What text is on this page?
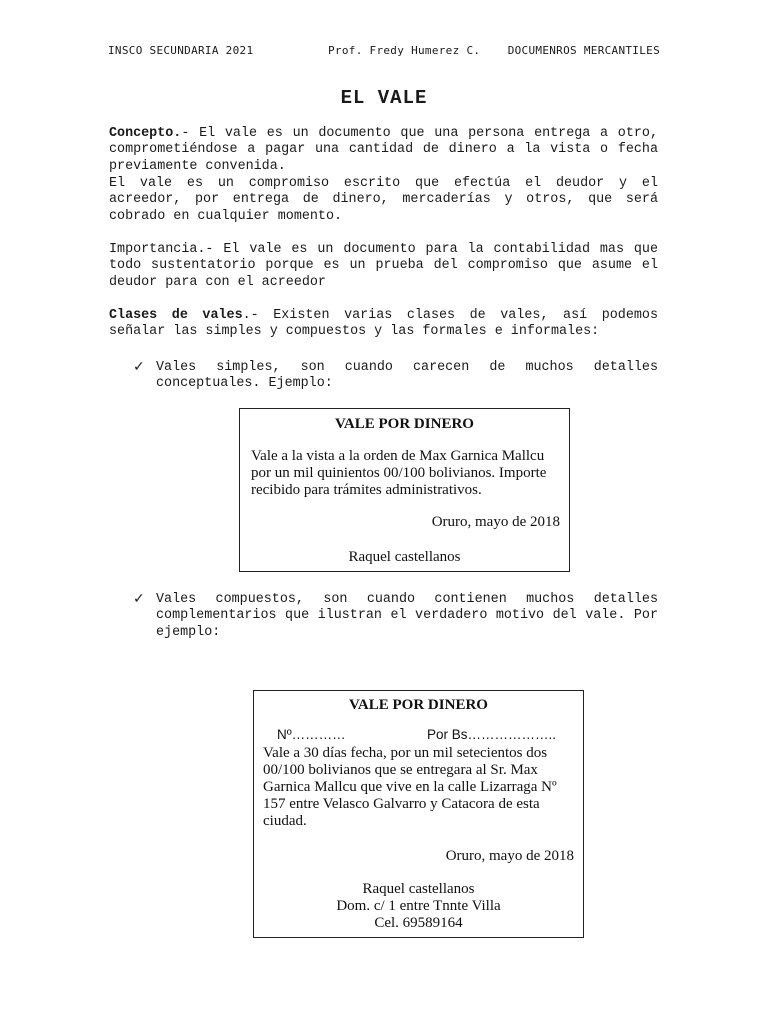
INSCO SECUNDARIA 2021	Prof. Fredy Humerez C. DOCUMENROS MERCANTILES
EL VALE
Concepto.- El vale es un documento que una persona entrega a otro, comprometiéndose a pagar una cantidad de dinero a la vista o fecha previamente convenida.
El vale es un compromiso escrito que efectúa el deudor y el acreedor, por entrega de dinero, mercaderías y otros, que será cobrado en cualquier momento.
Importancia.- El vale es un documento para la contabilidad mas que todo sustentatorio porque es un prueba del compromiso que asume el deudor para con el acreedor
Clases de vales.- Existen varias clases de vales, así podemos señalar las simples y compuestos y las formales e informales:
✓ Vales simples, son cuando carecen de muchos detalles conceptuales. Ejemplo:
VALE POR DINERO
Vale a la vista a la orden de Max Garnica Mallcu por un mil quinientos 00/100 bolivianos. Importe recibido para trámites administrativos.
Oruro, mayo de 2018
Raquel castellanos
✓ Vales compuestos, son cuando contienen muchos detalles complementarios que ilustran el verdadero motivo del vale. Por ejemplo:
VALE POR DINERO
Nº…………	Por Bs………………..
Vale a 30 días fecha, por un mil setecientos dos 00/100 bolivianos que se entregara al Sr. Max Garnica Mallcu que vive en la calle Lizarraga Nº 157 entre Velasco Galvarro y Catacora de esta ciudad.
Oruro, mayo de 2018
Raquel castellanos
Dom. c/ 1 entre Tnnte Villa
Cel. 69589164
